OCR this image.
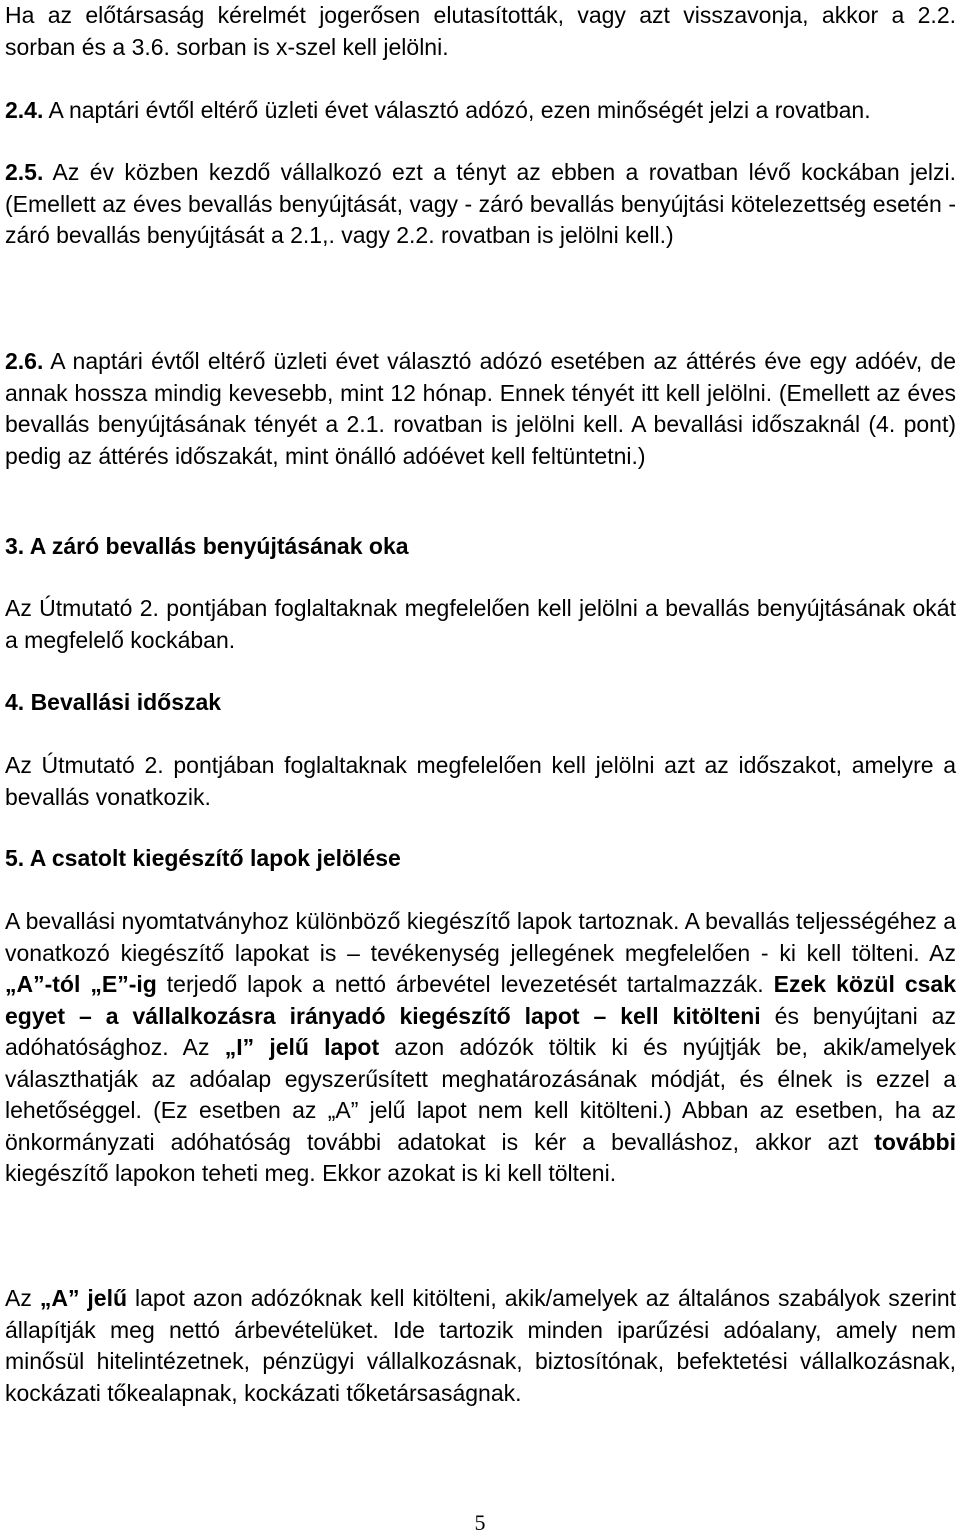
Ha az előtársaság kérelmét jogerősen elutasították, vagy azt visszavonja, akkor a 2.2. sorban és a 3.6. sorban is x-szel kell jelölni.

2.4. A naptári évtől eltérő üzleti évet választó adózó, ezen minőségét jelzi a rovatban.

2.5. Az év közben kezdő vállalkozó ezt a tényt az ebben a rovatban lévő kockában jelzi. (Emellett az éves bevallás benyújtását, vagy - záró bevallás benyújtási kötelezettség esetén - záró bevallás benyújtását a 2.1,. vagy 2.2. rovatban is jelölni kell.)

2.6. A naptári évtől eltérő üzleti évet választó adózó esetében az áttérés éve egy adóév, de annak hossza mindig kevesebb, mint 12 hónap. Ennek tényét itt kell jelölni. (Emellett az éves bevallás benyújtásának tényét a 2.1. rovatban is jelölni kell. A bevallási időszaknál (4. pont) pedig az áttérés időszakát, mint önálló adóévet kell feltüntetni.)

3. A záró bevallás benyújtásának oka

Az Útmutató 2. pontjában foglaltaknak megfelelően kell jelölni a bevallás benyújtásának okát a megfelelő kockában.

4. Bevallási időszak

Az Útmutató 2. pontjában foglaltaknak megfelelően kell jelölni azt az időszakot, amelyre a bevallás vonatkozik.

5. A csatolt kiegészítő lapok jelölése

A bevallási nyomtatványhoz különböző kiegészítő lapok tartoznak. A bevallás teljességéhez a vonatkozó kiegészítő lapokat is – tevékenység jellegének megfelelően - ki kell tölteni. Az „A”-tól „E”-ig terjedő lapok a nettó árbevétel levezetését tartalmazzák. Ezek közül csak egyet – a vállalkozásra irányadó kiegészítő lapot – kell kitölteni és benyújtani az adóhatósághoz. Az „I” jelű lapot azon adózók töltik ki és nyújtják be, akik/amelyek választhatják az adóalap egyszerűsített meghatározásának módját, és élnek is ezzel a lehetőséggel. (Ez esetben az „A” jelű lapot nem kell kitölteni.) Abban az esetben, ha az önkormányzati adóhatóság további adatokat is kér a bevalláshoz, akkor azt további kiegészítő lapokon teheti meg. Ekkor azokat is ki kell tölteni.

Az „A” jelű lapot azon adózóknak kell kitölteni, akik/amelyek az általános szabályok szerint állapítják meg nettó árbevételüket. Ide tartozik minden iparűzési adóalany, amely nem minősül hitelintézetnek, pénzügyi vállalkozásnak, biztosítónak, befektetési vállalkozásnak, kockázati tőkealapnak, kockázati tőketársaságnak.

5
